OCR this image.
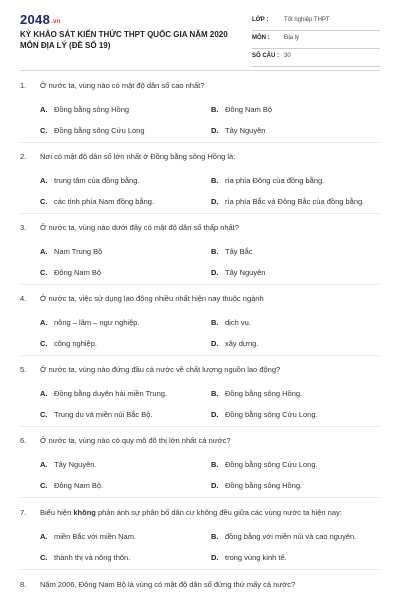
2048.vn
KỲ KHẢO SÁT KIẾN THỨC THPT QUỐC GIA NĂM 2020
MÔN ĐỊA LÝ (ĐỀ SỐ 19)
LỚP :	Tốt nghiệp THPT
MÔN : Địa lý
SỐ CÂU : 30
1. Ở nước ta, vùng nào có mật độ dân số cao nhất?
A. Đồng bằng sông Hồng	B. Đông Nam Bộ
C. Đồng bằng sông Cửu Long	D. Tây Nguyên
2. Nơi có mật độ dân số lớn nhất ở Đồng bằng sông Hồng là:
A. trung tâm của đồng bằng.	B. rìa phía Đông của đồng bằng.
C. các tỉnh phía Nam đồng bằng.	D. rìa phía Bắc và Đông Bắc của đồng bằng.
3. Ở nước ta, vùng nào dưới đây có mật độ dân số thấp nhất?
A. Nam Trung Bộ	B. Tây Bắc
C. Đông Nam Bộ	D. Tây Nguyên
4. Ở nước ta, việc sử dụng lao động nhiều nhất hiện nay thuộc ngành
A. nông – lâm – ngư nghiệp.	B. dịch vụ.
C. công nghiệp.	D. xây dựng.
5. Ở nước ta, vùng nào đứng đầu cả nước về chất lượng nguồn lao động?
A. Đồng bằng duyên hải miền Trung.	B. Đồng bằng sông Hồng.
C. Trung du và miền núi Bắc Bộ.	D. Đồng bằng sông Cửu Long.
6. Ở nước ta, vùng nào có quy mô đô thị lớn nhất cả nước?
A. Tây Nguyên.	B. Đồng bằng sông Cửu Long.
C. Đông Nam Bộ.	D. Đồng bằng sông Hồng.
7. Biểu hiện không phản ánh sự phân bố dân cư không đều giữa các vùng nước ta hiện nay:
A. miền Bắc với miền Nam.	B. đồng bằng với miền núi và cao nguyên.
C. thành thị và nông thôn.	D. trong vùng kinh tế.
8. Năm 2006, Đông Nam Bộ là vùng có mật độ dân số đứng thứ mấy cả nước?
